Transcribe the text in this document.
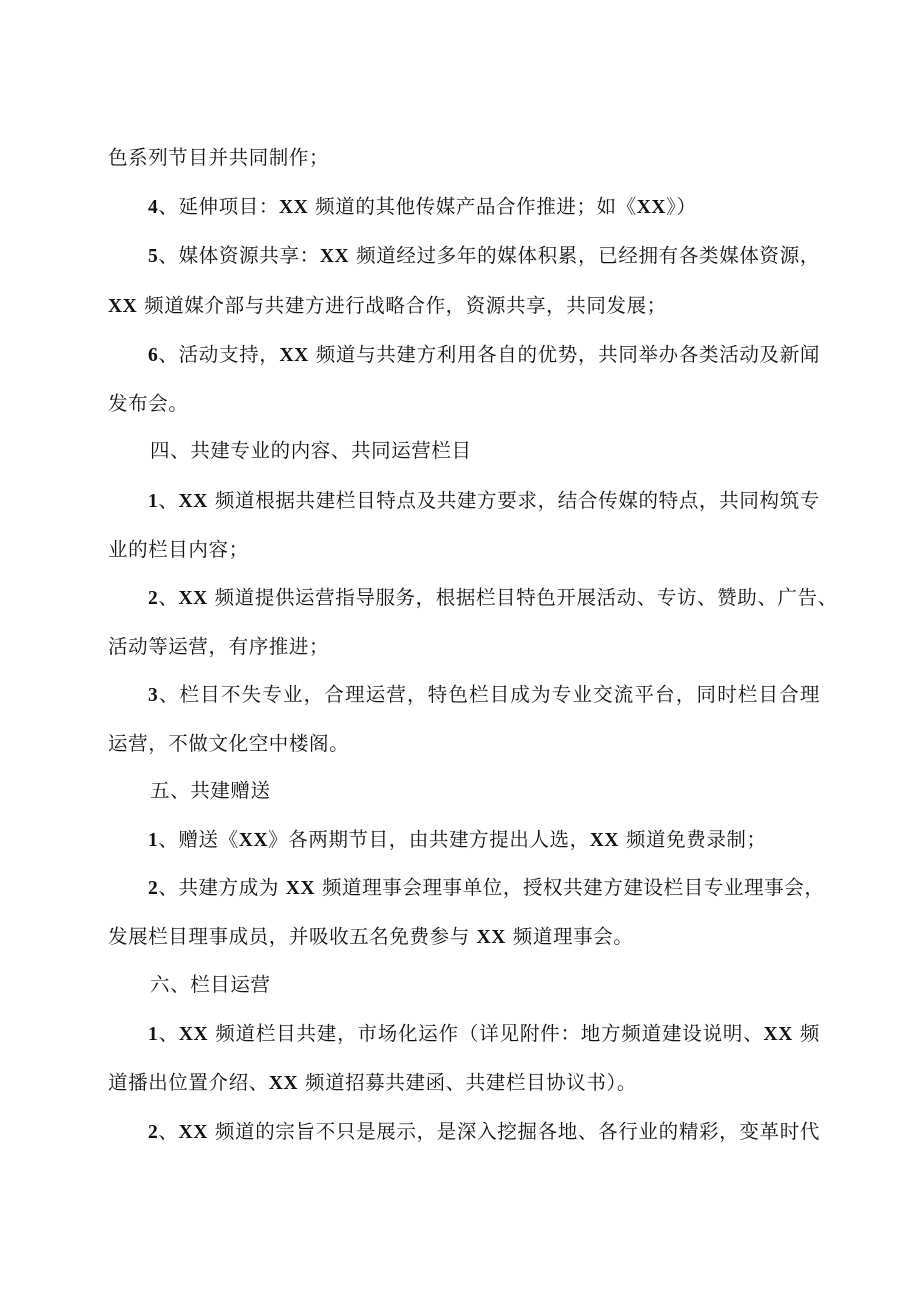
色系列节目并共同制作；
4、延伸项目：XX 频道的其他传媒产品合作推进；如《XX》）
5、媒体资源共享：XX 频道经过多年的媒体积累，已经拥有各类媒体资源，
XX 频道媒介部与共建方进行战略合作，资源共享，共同发展；
6、活动支持，XX 频道与共建方利用各自的优势，共同举办各类活动及新闻
发布会。
四、共建专业的内容、共同运营栏目
1、XX 频道根据共建栏目特点及共建方要求，结合传媒的特点，共同构筑专
业的栏目内容；
2、XX 频道提供运营指导服务，根据栏目特色开展活动、专访、赞助、广告、
活动等运营，有序推进；
3、栏目不失专业，合理运营，特色栏目成为专业交流平台，同时栏目合理
运营，不做文化空中楼阁。
五、共建赠送
1、赠送《XX》各两期节目，由共建方提出人选，XX 频道免费录制；
2、共建方成为 XX 频道理事会理事单位，授权共建方建设栏目专业理事会，
发展栏目理事成员，并吸收五名免费参与 XX 频道理事会。
六、栏目运营
1、XX 频道栏目共建，市场化运作（详见附件：地方频道建设说明、XX 频
道播出位置介绍、XX 频道招募共建函、共建栏目协议书）。
2、XX 频道的宗旨不只是展示，是深入挖掘各地、各行业的精彩，变革时代
